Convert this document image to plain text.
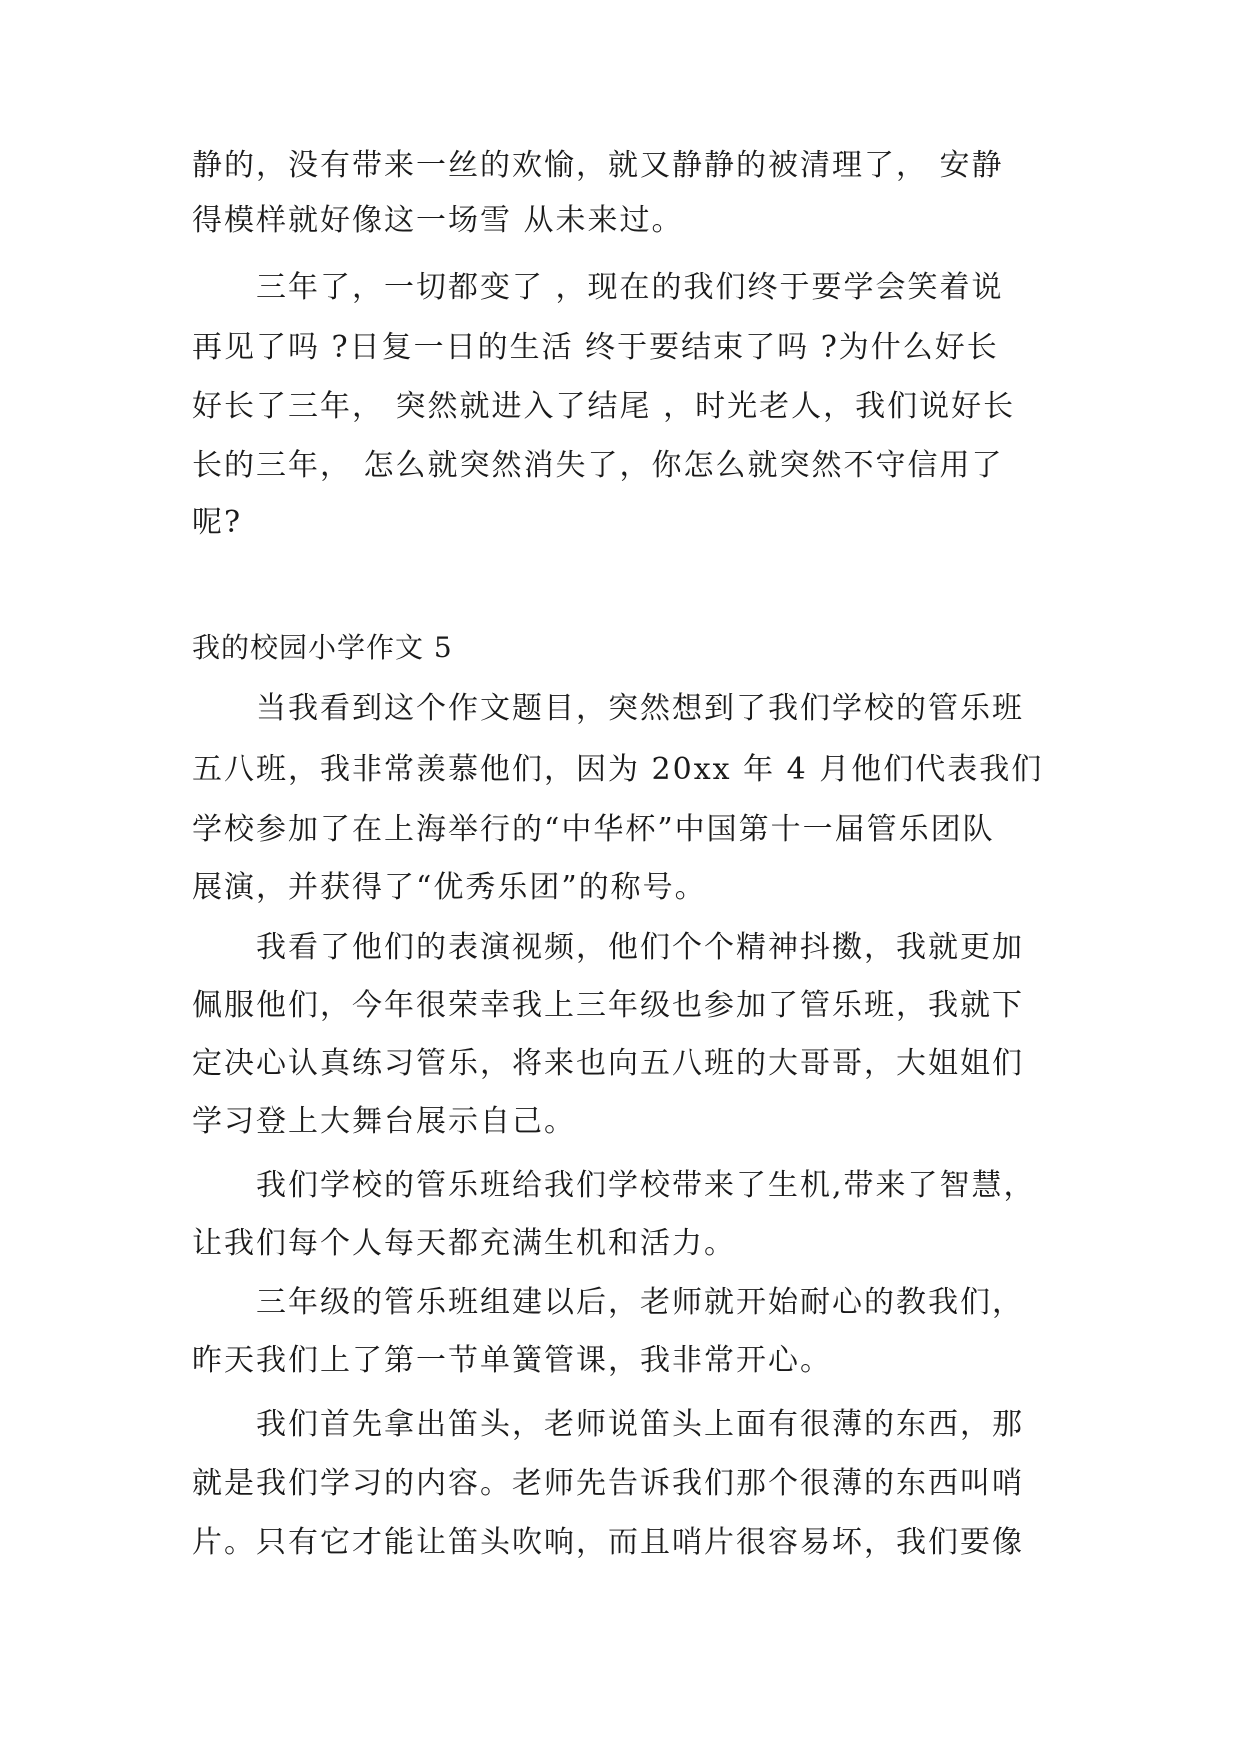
静的，没有带来一丝的欢愉，就又静静的被清理了， 安静
得模样就好像这一场雪 从未来过。
　　三年了，一切都变了 ，现在的我们终于要学会笑着说
再见了吗 ?日复一日的生活 终于要结束了吗 ?为什么好长
好长了三年， 突然就进入了结尾 ，时光老人，我们说好长
长的三年， 怎么就突然消失了，你怎么就突然不守信用了
呢?
我的校园小学作文 5
　　当我看到这个作文题目，突然想到了我们学校的管乐班
五八班，我非常羡慕他们，因为 20xx 年 4 月他们代表我们
学校参加了在上海举行的“中华杯”中国第十一届管乐团队
展演，并获得了“优秀乐团”的称号。
　　我看了他们的表演视频，他们个个精神抖擞，我就更加
佩服他们，今年很荣幸我上三年级也参加了管乐班，我就下
定决心认真练习管乐，将来也向五八班的大哥哥，大姐姐们
学习登上大舞台展示自己。
　　我们学校的管乐班给我们学校带来了生机,带来了智慧，
让我们每个人每天都充满生机和活力。
　　三年级的管乐班组建以后，老师就开始耐心的教我们，
昨天我们上了第一节单簧管课，我非常开心。
　　我们首先拿出笛头，老师说笛头上面有很薄的东西，那
就是我们学习的内容。老师先告诉我们那个很薄的东西叫哨
片。只有它才能让笛头吹响，而且哨片很容易坏，我们要像
